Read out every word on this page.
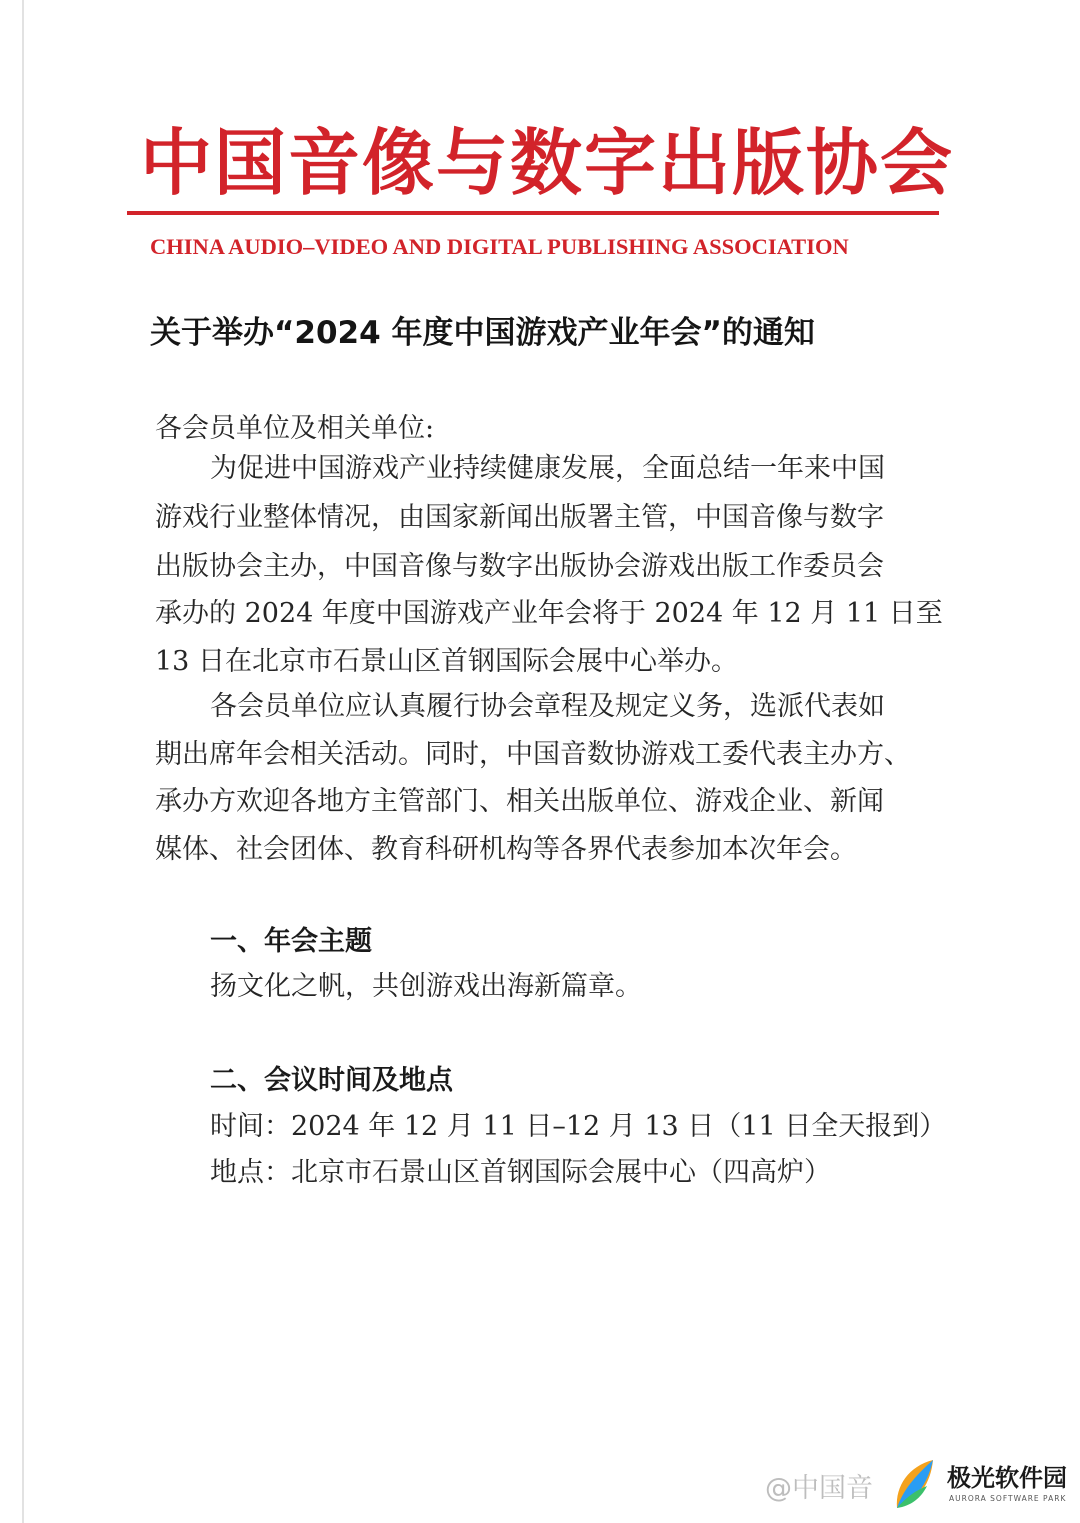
中国音像与数字出版协会
CHINA AUDIO–VIDEO AND DIGITAL PUBLISHING ASSOCIATION
关于举办“2024 年度中国游戏产业年会”的通知
各会员单位及相关单位:
为促进中国游戏产业持续健康发展，全面总结一年来中国
游戏行业整体情况，由国家新闻出版署主管，中国音像与数字
出版协会主办，中国音像与数字出版协会游戏出版工作委员会
承办的 2024 年度中国游戏产业年会将于 2024 年 12 月 11 日至
13 日在北京市石景山区首钢国际会展中心举办。
各会员单位应认真履行协会章程及规定义务，选派代表如
期出席年会相关活动。同时，中国音数协游戏工委代表主办方、
承办方欢迎各地方主管部门、相关出版单位、游戏企业、新闻
媒体、社会团体、教育科研机构等各界代表参加本次年会。
一、年会主题
扬文化之帆，共创游戏出海新篇章。
二、会议时间及地点
时间：2024 年 12 月 11 日–12 月 13 日（11 日全天报到）
地点：北京市石景山区首钢国际会展中心（四高炉）
@中国音	极光软件园
AURORA SOFTWARE PARK
